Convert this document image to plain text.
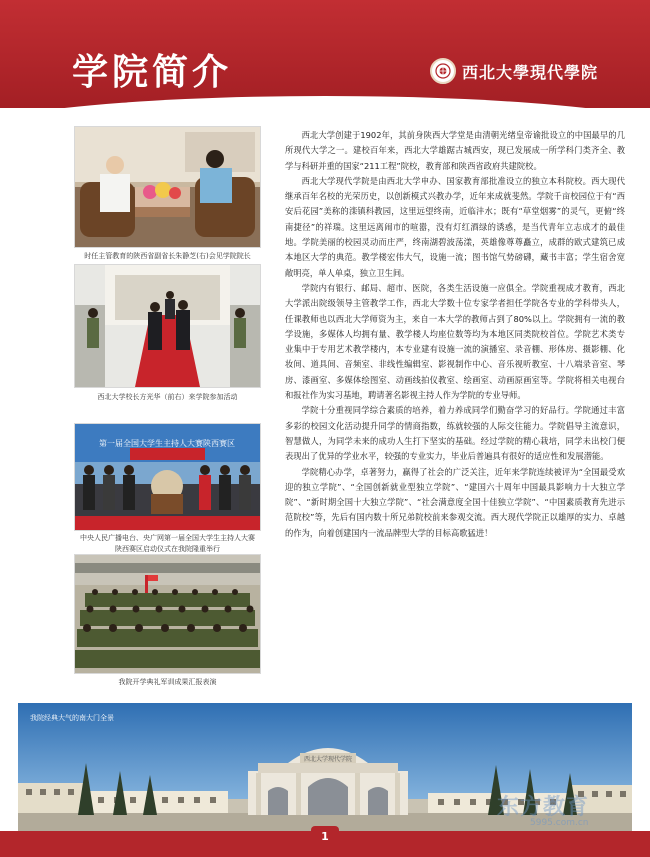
学院简介	西北大學現代學院
时任主管教育的陕西省副省长朱静芝(右)会见学院院长
西北大学校长方光华（前右）来学院参加活动
第一届全国大学生主持人大赛陕西赛区
中央人民广播电台、央广网第一届全国大学生主持人大赛
陕西赛区启动仪式在我院隆重举行
我院开学典礼军训成果汇报表演

西北大学创建于1902年，其前身陕西大学堂是由清朝光绪皇帝谕批设立的中国最早的几所现代大学之一。建校百年来，西北大学雄踞古城西安，现已发展成一所学科门类齐全、教学与科研并重的国家“211工程”院校，教育部和陕西省政府共建院校。

西北大学现代学院是由西北大学申办、国家教育部批准设立的独立本科院校。西大现代继承百年名校的光荣历史，以创新模式兴教办学，近年来成就斐然。学院千亩校园位于有“西安后花园”美称的滦镇科教园，这里远望终南，近临沣水；既有“草堂烟雾”的灵气，更俯“终南捷径”的祥瑞。这里远离闹市的喧嚣，没有灯红酒绿的诱惑，是当代青年立志成才的最佳地。学院美丽的校园灵动而庄严，终南湖碧波荡漾，英雄像尊尊矗立，成群的欧式建筑已成本地区大学的典范。教学楼宏伟大气，设施一流；图书馆气势磅礴，藏书丰富；学生宿舍宽敞明亮，单人单桌，独立卫生间。

学院内有银行、邮局、超市、医院，各类生活设施一应俱全。学院重视成才教育，西北大学派出院级领导主管教学工作，西北大学数十位专家学者担任学院各专业的学科带头人，任课教师也以西北大学师资为主，来自一本大学的教师占到了80%以上。学院拥有一流的教学设施，多媒体人均拥有量、教学楼人均座位数等均为本地区同类院校首位。学院艺术类专业集中于专用艺术教学楼内，本专业建有设施一流的演播室、录音棚、形体房、摄影棚、化妆间、道具间、音频室、非线性编辑室、影视制作中心、音乐视听教室、十八端录音室、琴房、漆画室、多媒体绘图室、动画线拍仪教室、绘画室、动画原画室等。学院将相关电视台和报社作为实习基地，聘请著名影视主持人作为学院的专业导师。

学院十分重视同学综合素质的培养，着力养成同学们勤奋学习的好品行。学院通过丰富多彩的校园文化活动提升同学的情商指数，练就较强的人际交往能力。学院倡导主流意识，智慧做人，为同学未来的成功人生打下坚实的基础。经过学院的精心栽培，同学未出校门便表现出了优异的学业水平，较强的专业实力，毕业后普遍具有很好的适应性和发展潜能。

学院精心办学，卓著努力，赢得了社会的广泛关注，近年来学院连续被评为“全国最受欢迎的独立学院”、“全国创新就业型独立学院”、“建国六十周年中国最具影响力十大独立学院”、“新时期全国十大独立学院”、“社会满意度全国十佳独立学院”、“中国素质教育先进示范院校”等，先后有国内数十所兄弟院校前来参观交流。西大现代学院正以雄厚的实力、卓越的作为，向着创建国内一流品牌型大学的目标高歌猛进！

西北大学现代学院
我院经典大气的南大门全景
1
东方教育
5995.com.cn
